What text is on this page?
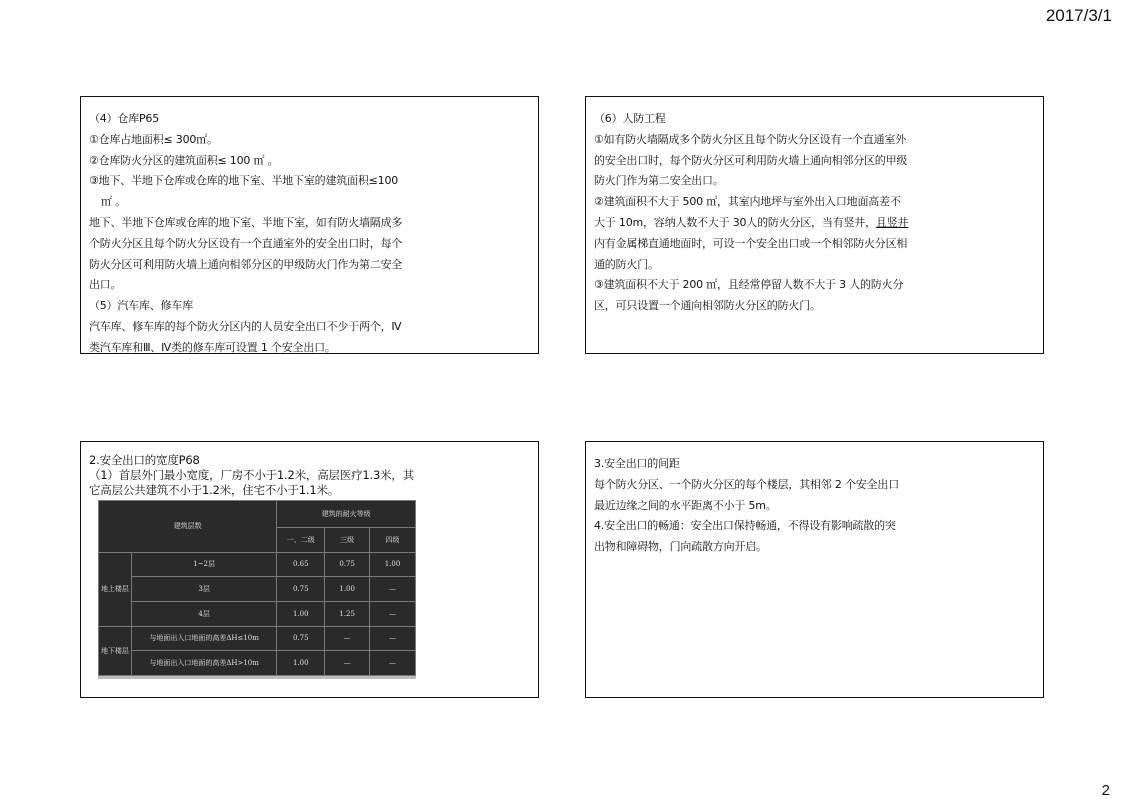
2017/3/1
（4）仓库P65
①仓库占地面积≤ 300㎡。
②仓库防火分区的建筑面积≤ 100 ㎡ 。
③地下、半地下仓库或仓库的地下室、半地下室的建筑面积≤100
㎡ 。
地下、半地下仓库或仓库的地下室、半地下室，如有防火墙隔成多
个防火分区且每个防火分区设有一个直通室外的安全出口时，每个
防火分区可利用防火墙上通向相邻分区的甲级防火门作为第二安全
出口。
（5）汽车库、修车库
汽车库、修车库的每个防火分区内的人员安全出口不少于两个，Ⅳ
类汽车库和Ⅲ、Ⅳ类的修车库可设置 1 个安全出口。
（6）人防工程
①如有防火墙隔成多个防火分区且每个防火分区设有一个直通室外
的安全出口时，每个防火分区可利用防火墙上通向相邻分区的甲级
防火门作为第二安全出口。
②建筑面积不大于 500 ㎡，其室内地坪与室外出入口地面高差不
大于 10m，容纳人数不大于 30人的防火分区，当有竖井，且竖井
内有金属梯直通地面时，可设一个安全出口或一个相邻防火分区相
通的防火门。
③建筑面积不大于 200 ㎡，且经常停留人数不大于 3 人的防火分
区，可只设置一个通向相邻防火分区的防火门。
2.安全出口的宽度P68
（1）首层外门最小宽度，厂房不小于1.2米，高层医疗1.3米，其
它高层公共建筑不小于1.2米，住宅不小于1.1米。
建筑层数		建筑的耐火等级		
		一、二级	三级	四级
地上楼层	1~2层	0.65	0.75	1.00
	3层	0.75	1.00	—
	4层	1.00	1.25	—
地下楼层	与地面出入口地面的高差ΔH≤10m	0.75	—	—
	与地面出入口地面的高差ΔH>10m	1.00	—	—
3.安全出口的间距
每个防火分区、一个防火分区的每个楼层，其相邻 2 个安全出口
最近边缘之间的水平距离不小于 5m。
4.安全出口的畅通：安全出口保持畅通，不得设有影响疏散的突
出物和障碍物，门向疏散方向开启。
2
